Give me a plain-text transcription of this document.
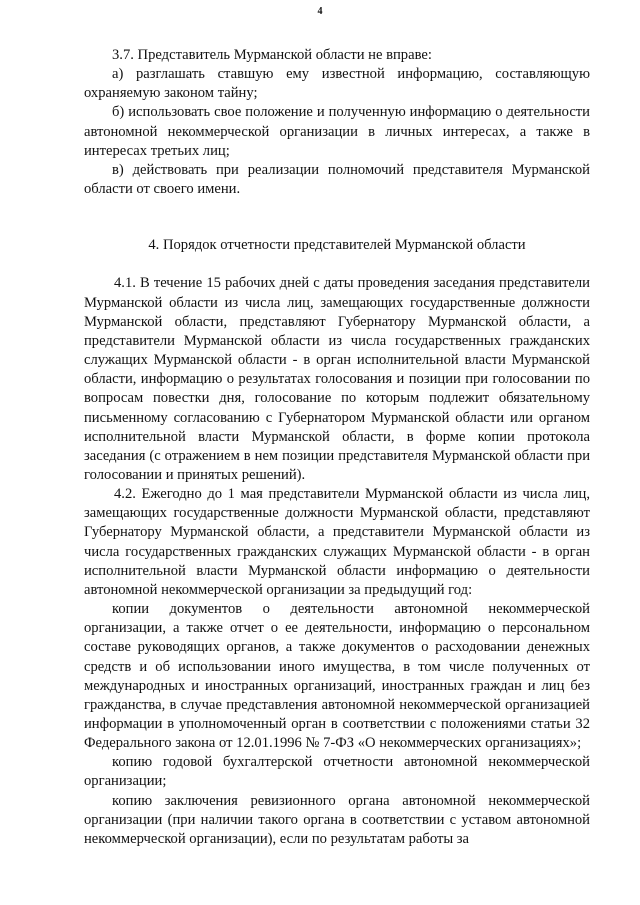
4

3.7. Представитель Мурманской области не вправе:

а) разглашать ставшую ему известной информацию, составляющую охраняемую законом тайну;

б) использовать свое положение и полученную информацию о деятельности автономной некоммерческой организации в личных интересах, а также в интересах третьих лиц;

в) действовать при реализации полномочий представителя Мурманской области от своего имени.

4. Порядок отчетности представителей Мурманской области

4.1. В течение 15 рабочих дней с даты проведения заседания представители Мурманской области из числа лиц, замещающих государственные должности Мурманской области, представляют Губернатору Мурманской области, а представители Мурманской области из числа государственных гражданских служащих Мурманской области - в орган исполнительной власти Мурманской области, информацию о результатах голосования и позиции при голосовании по вопросам повестки дня, голосование по которым подлежит обязательному письменному согласованию с Губернатором Мурманской области или органом исполнительной власти Мурманской области, в форме копии протокола заседания (с отражением в нем позиции представителя Мурманской области при голосовании и принятых решений).

4.2. Ежегодно до 1 мая представители Мурманской области из числа лиц, замещающих государственные должности Мурманской области, представляют Губернатору Мурманской области, а представители Мурманской области из числа государственных гражданских служащих Мурманской области - в орган исполнительной власти Мурманской области информацию о деятельности автономной некоммерческой организации за предыдущий год:

копии документов о деятельности автономной некоммерческой организации, а также отчет о ее деятельности, информацию о персональном составе руководящих органов, а также документов о расходовании денежных средств и об использовании иного имущества, в том числе полученных от международных и иностранных организаций, иностранных граждан и лиц без гражданства, в случае представления автономной некоммерческой организацией информации в уполномоченный орган в соответствии с положениями статьи 32 Федерального закона от 12.01.1996 № 7-ФЗ «О некоммерческих организациях»;

копию годовой бухгалтерской отчетности автономной некоммерческой организации;

копию заключения ревизионного органа автономной некоммерческой организации (при наличии такого органа в соответствии с уставом автономной некоммерческой организации), если по результатам работы за
